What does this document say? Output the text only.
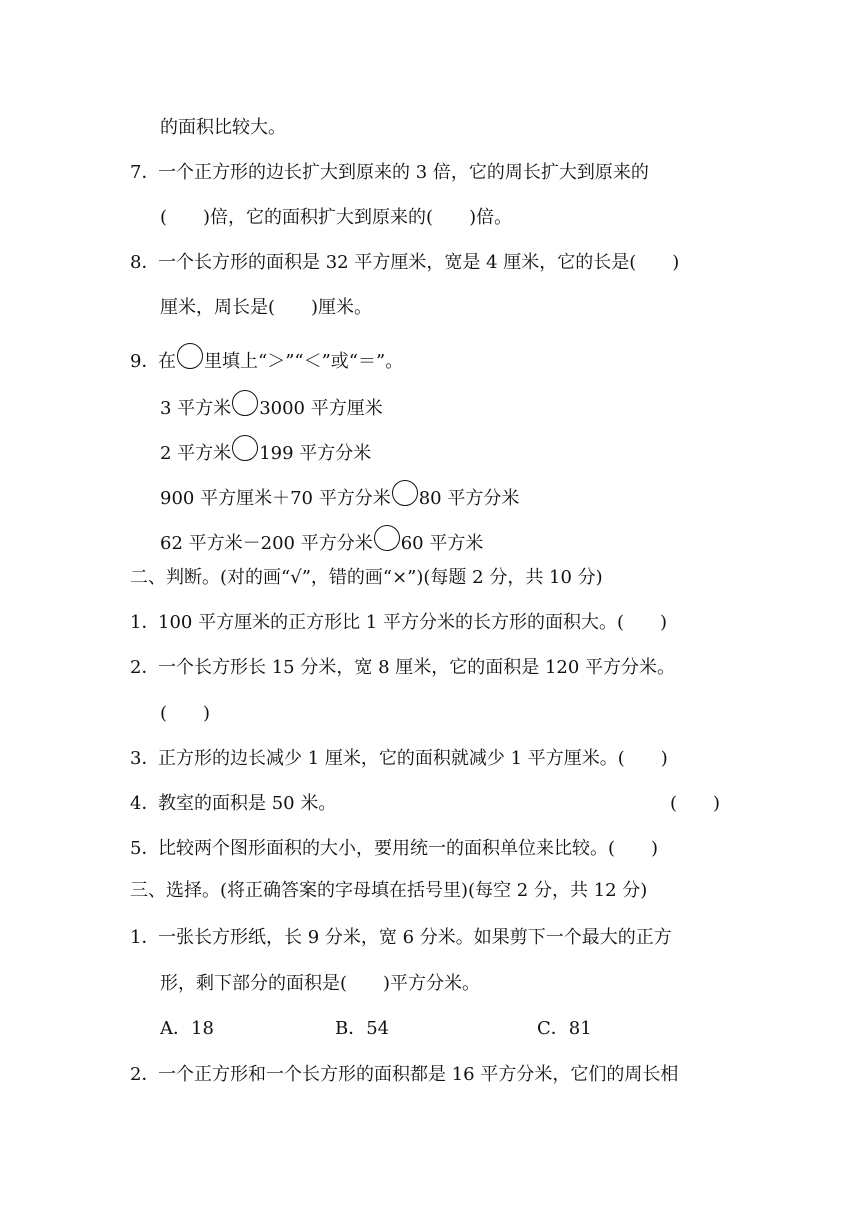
的面积比较大。
7．一个正方形的边长扩大到原来的 3 倍，它的周长扩大到原来的
(　　)倍，它的面积扩大到原来的(　　)倍。
8．一个长方形的面积是 32 平方厘米，宽是 4 厘米，它的长是(　　)
厘米，周长是(　　)厘米。
9．在 里填上“＞”“＜”或“＝”。
3 平方米 3000 平方厘米
2 平方米 199 平方分米
900 平方厘米＋70 平方分米 80 平方分米
62 平方米－200 平方分米 60 平方米
二、判断。(对的画“√”，错的画“×”)(每题 2 分，共 10 分)
1．100 平方厘米的正方形比 1 平方分米的长方形的面积大。(　　)
2．一个长方形长 15 分米，宽 8 厘米，它的面积是 120 平方分米。
(　　)
3．正方形的边长减少 1 厘米，它的面积就减少 1 平方厘米。(　　)
4．教室的面积是 50 米。	(　　)
5．比较两个图形面积的大小，要用统一的面积单位来比较。(　　)
三、选择。(将正确答案的字母填在括号里)(每空 2 分，共 12 分)
1．一张长方形纸，长 9 分米，宽 6 分米。如果剪下一个最大的正方
形，剩下部分的面积是(　　)平方分米。
A．18	B．54	C．81
2．一个正方形和一个长方形的面积都是 16 平方分米，它们的周长相
